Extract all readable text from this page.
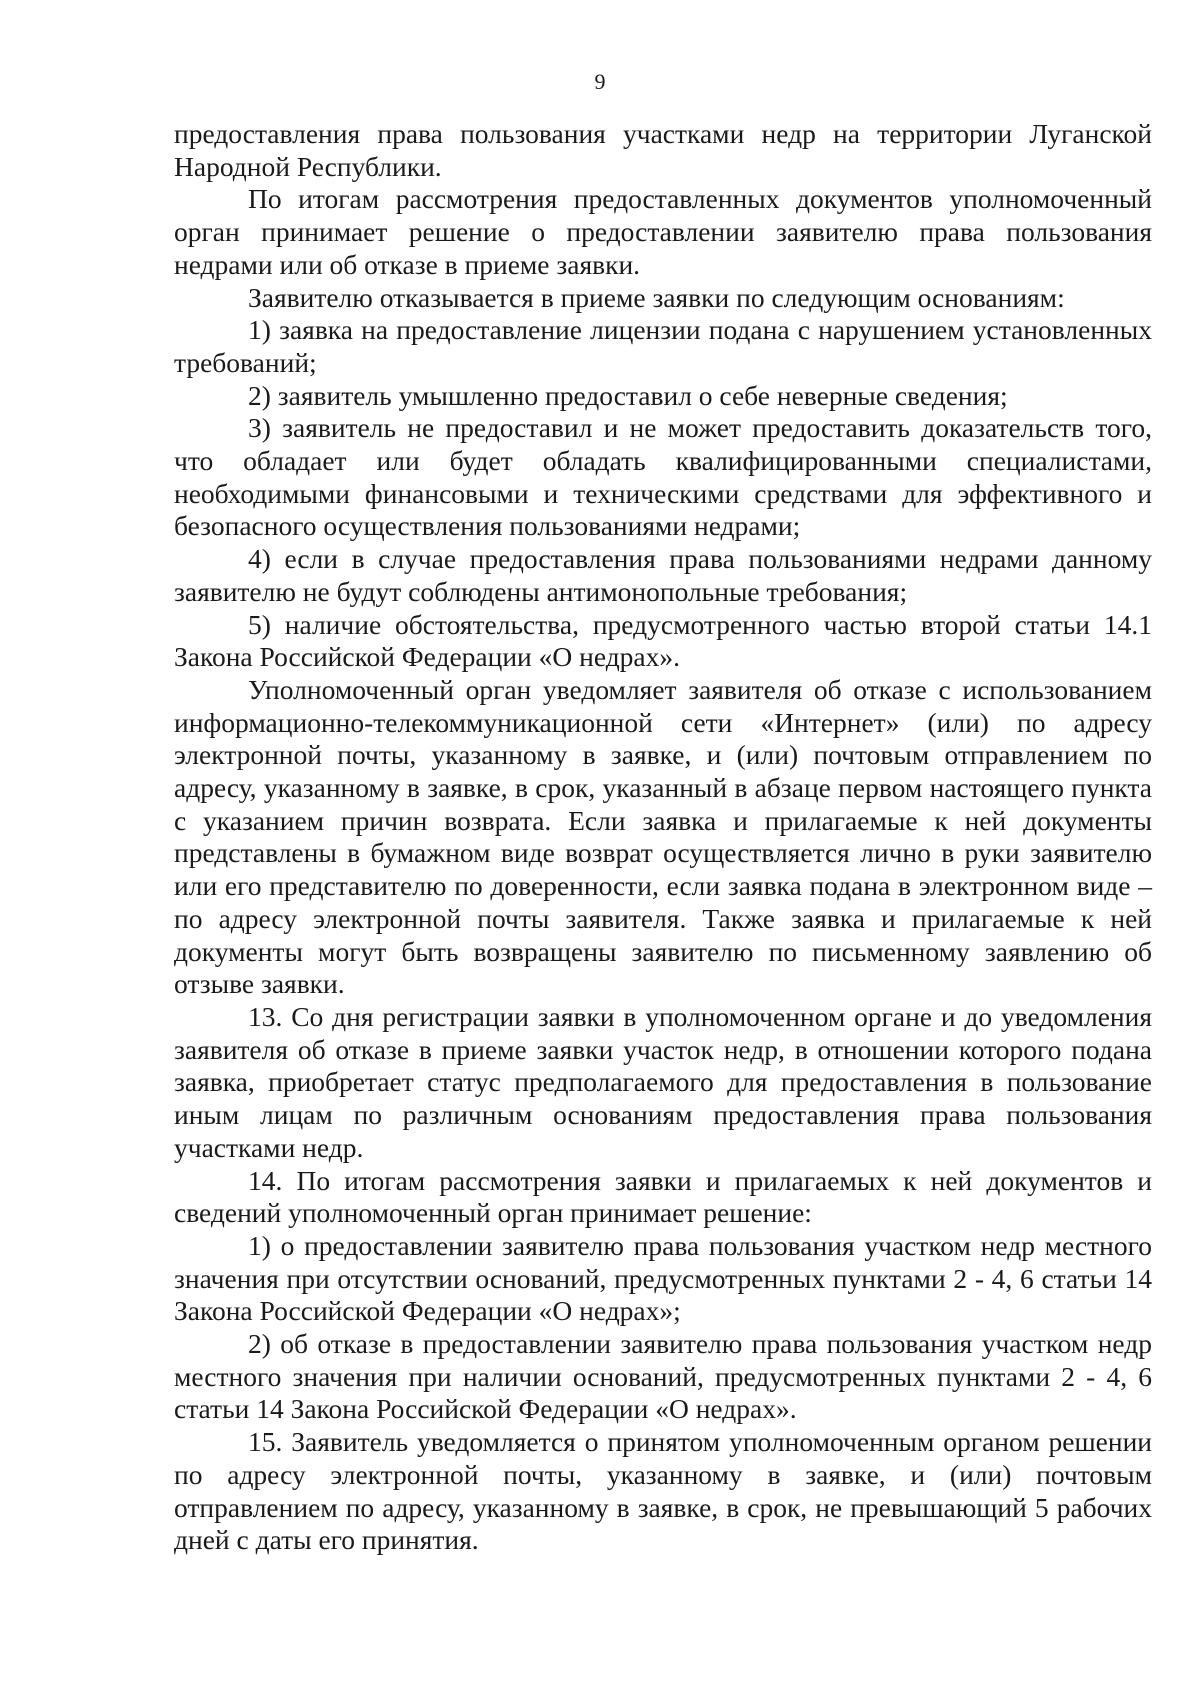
9

предоставления права пользования участками недр на территории Луганской Народной Республики.

По итогам рассмотрения предоставленных документов уполномоченный орган принимает решение о предоставлении заявителю права пользования недрами или об отказе в приеме заявки.

Заявителю отказывается в приеме заявки по следующим основаниям:

1) заявка на предоставление лицензии подана с нарушением установленных требований;

2) заявитель умышленно предоставил о себе неверные сведения;

3) заявитель не предоставил и не может предоставить доказательств того, что обладает или будет обладать квалифицированными специалистами, необходимыми финансовыми и техническими средствами для эффективного и безопасного осуществления пользованиями недрами;

4) если в случае предоставления права пользованиями недрами данному заявителю не будут соблюдены антимонопольные требования;

5) наличие обстоятельства, предусмотренного частью второй статьи 14.1 Закона Российской Федерации «О недрах».

Уполномоченный орган уведомляет заявителя об отказе с использованием информационно-телекоммуникационной сети «Интернет» (или) по адресу электронной почты, указанному в заявке, и (или) почтовым отправлением по адресу, указанному в заявке, в срок, указанный в абзаце первом настоящего пункта с указанием причин возврата. Если заявка и прилагаемые к ней документы представлены в бумажном виде возврат осуществляется лично в руки заявителю или его представителю по доверенности, если заявка подана в электронном виде – по адресу электронной почты заявителя. Также заявка и прилагаемые к ней документы могут быть возвращены заявителю по письменному заявлению об отзыве заявки.

13. Со дня регистрации заявки в уполномоченном органе и до уведомления заявителя об отказе в приеме заявки участок недр, в отношении которого подана заявка, приобретает статус предполагаемого для предоставления в пользование иным лицам по различным основаниям предоставления права пользования участками недр.

14. По итогам рассмотрения заявки и прилагаемых к ней документов и сведений уполномоченный орган принимает решение:

1) о предоставлении заявителю права пользования участком недр местного значения при отсутствии оснований, предусмотренных пунктами 2 - 4, 6 статьи 14 Закона Российской Федерации «О недрах»;

2) об отказе в предоставлении заявителю права пользования участком недр местного значения при наличии оснований, предусмотренных пунктами 2 - 4, 6 статьи 14 Закона Российской Федерации «О недрах».

15. Заявитель уведомляется о принятом уполномоченным органом решении по адресу электронной почты, указанному в заявке, и (или) почтовым отправлением по адресу, указанному в заявке, в срок, не превышающий 5 рабочих дней с даты его принятия.
